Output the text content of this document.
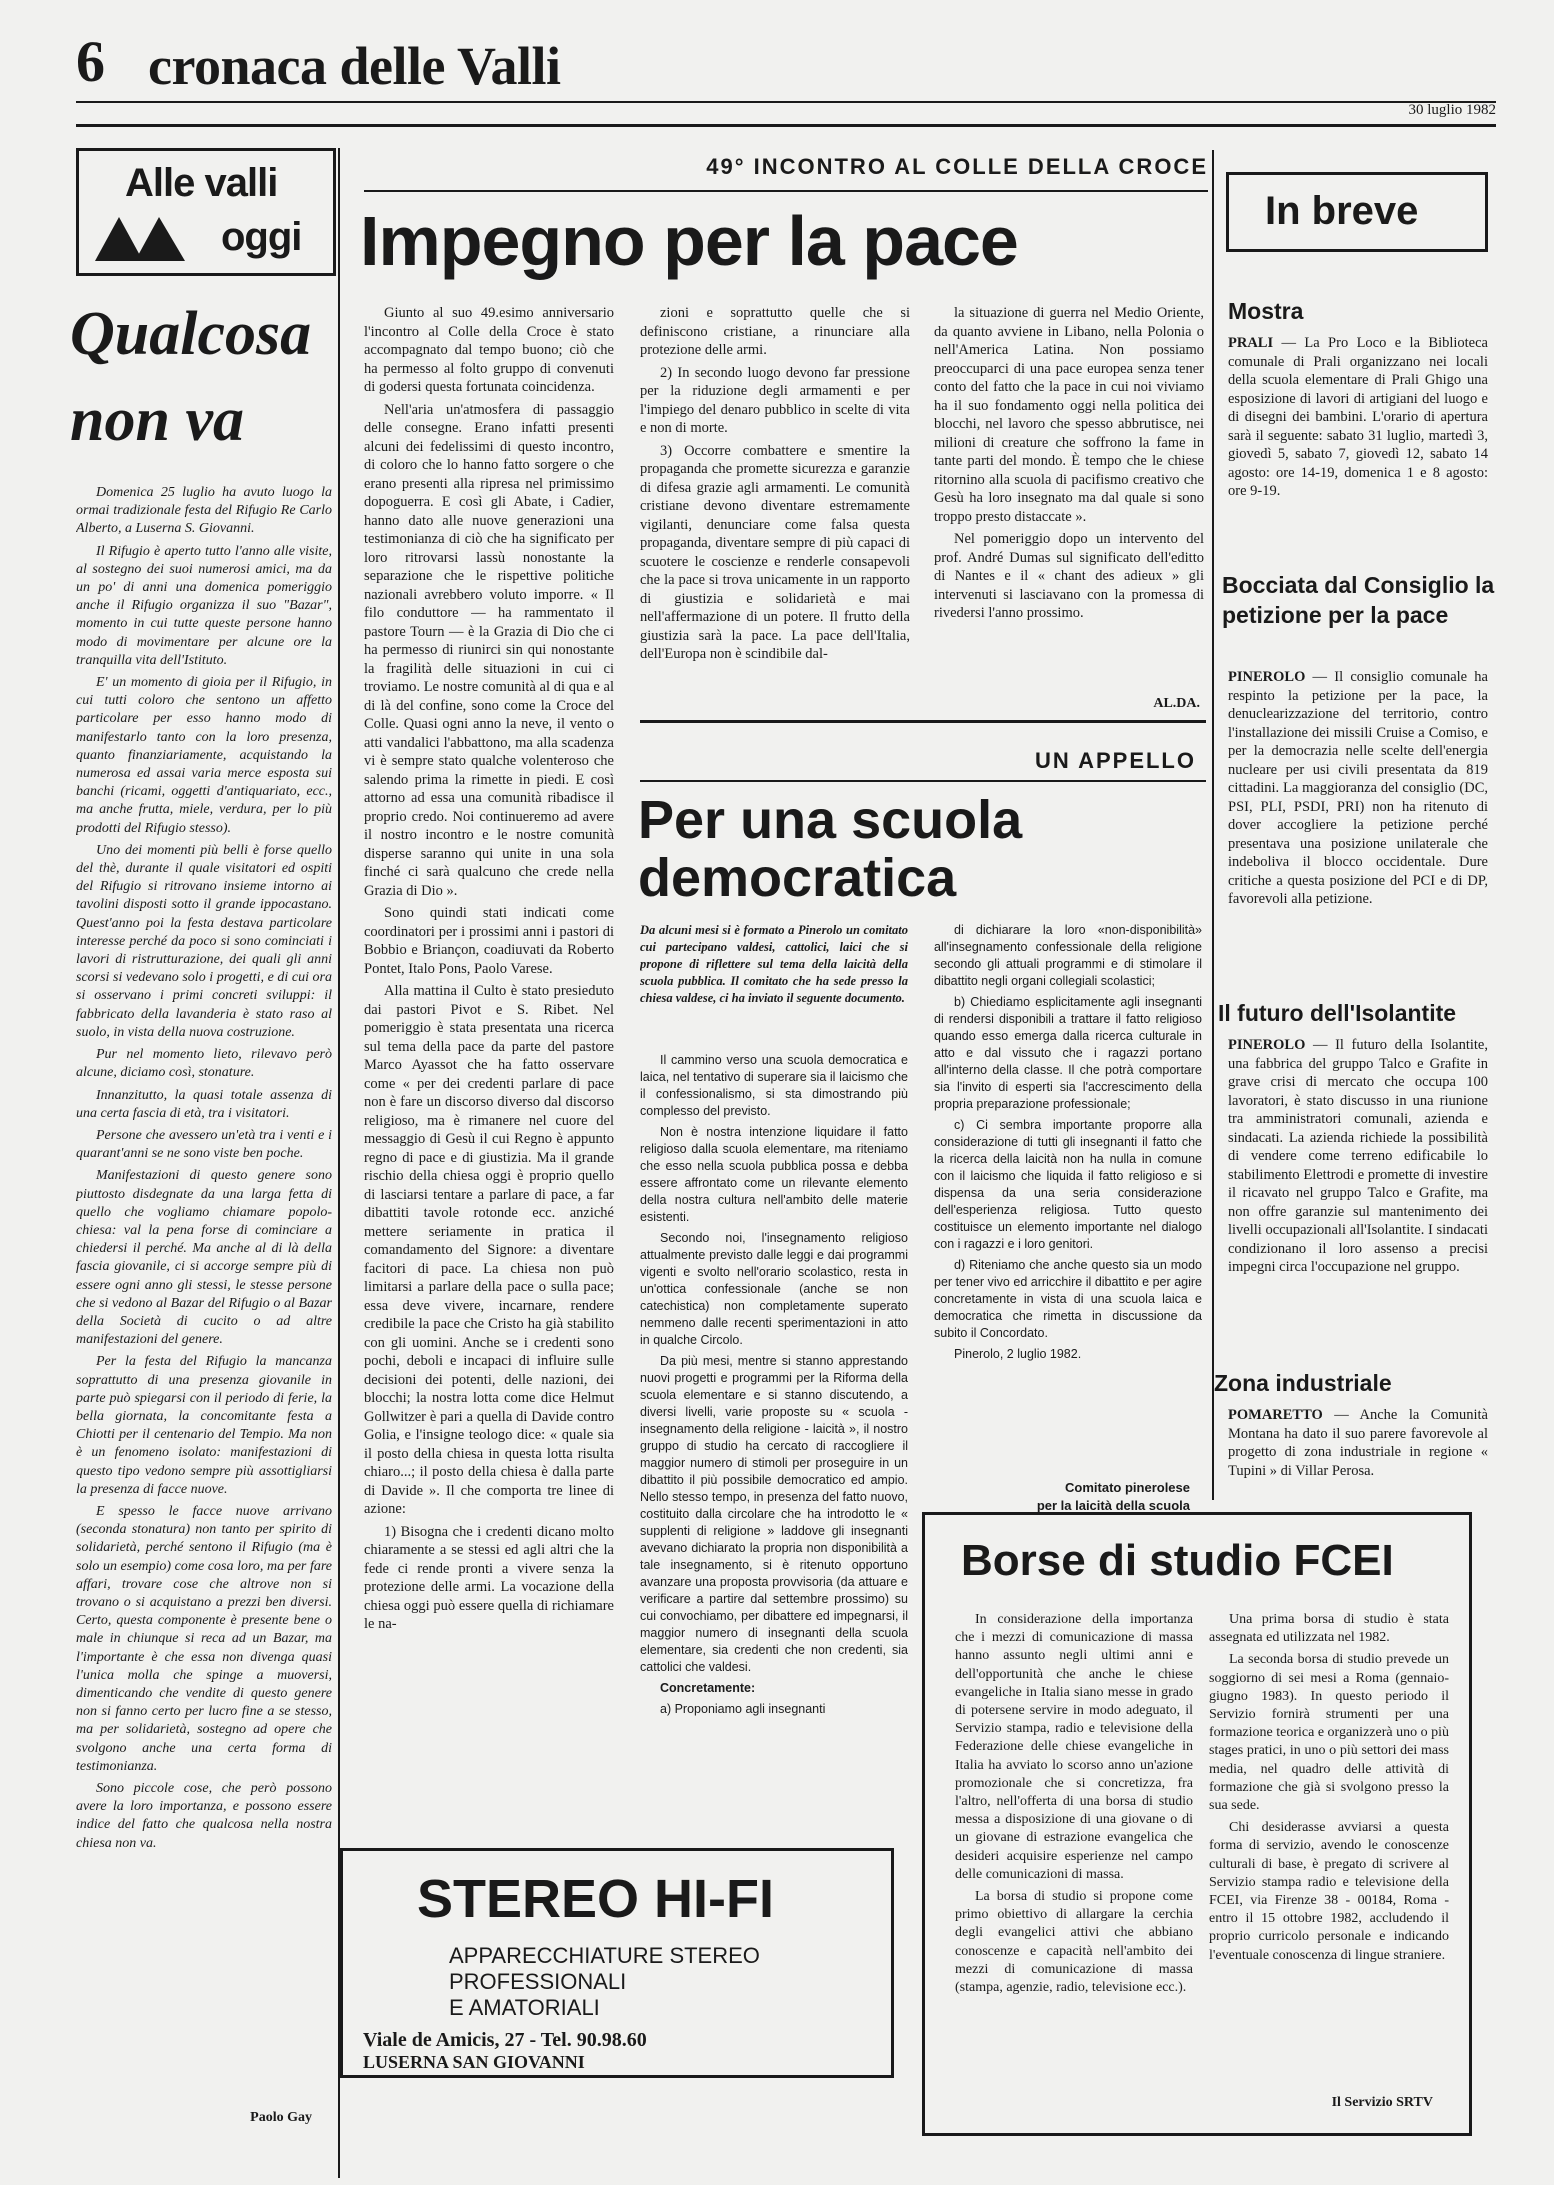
6 cronaca delle Valli
30 luglio 1982
Alle valli
oggi
Qualcosa
non va

Domenica 25 luglio ha avuto luogo la ormai tradizionale festa del Rifugio Re Carlo Alberto, a Luserna S. Giovanni.

Il Rifugio è aperto tutto l'anno alle visite, al sostegno dei suoi numerosi amici, ma da un po' di anni una domenica pomeriggio anche il Rifugio organizza il suo "Bazar", momento in cui tutte queste persone hanno modo di movimentare per alcune ore la tranquilla vita dell'Istituto.

E' un momento di gioia per il Rifugio, in cui tutti coloro che sentono un affetto particolare per esso hanno modo di manifestarlo tanto con la loro presenza, quanto finanziariamente, acquistando la numerosa ed assai varia merce esposta sui banchi (ricami, oggetti d'antiquariato, ecc., ma anche frutta, miele, verdura, per lo più prodotti del Rifugio stesso).

Uno dei momenti più belli è forse quello del thè, durante il quale visitatori ed ospiti del Rifugio si ritrovano insieme intorno ai tavolini disposti sotto il grande ippocastano. Quest'anno poi la festa destava particolare interesse perché da poco si sono cominciati i lavori di ristrutturazione, dei quali gli anni scorsi si vedevano solo i progetti, e di cui ora si osservano i primi concreti sviluppi: il fabbricato della lavanderia è stato raso al suolo, in vista della nuova costruzione.

Pur nel momento lieto, rilevavo però alcune, diciamo così, stonature.

Innanzitutto, la quasi totale assenza di una certa fascia di età, tra i visitatori.

Persone che avessero un'età tra i venti e i quarant'anni se ne sono viste ben poche.

Manifestazioni di questo genere sono piuttosto disdegnate da una larga fetta di quello che vogliamo chiamare popolo-chiesa: val la pena forse di cominciare a chiedersi il perché. Ma anche al di là della fascia giovanile, ci si accorge sempre più di essere ogni anno gli stessi, le stesse persone che si vedono al Bazar del Rifugio o al Bazar della Società di cucito o ad altre manifestazioni del genere.

Per la festa del Rifugio la mancanza soprattutto di una presenza giovanile in parte può spiegarsi con il periodo di ferie, la bella giornata, la concomitante festa a Chiotti per il centenario del Tempio. Ma non è un fenomeno isolato: manifestazioni di questo tipo vedono sempre più assottigliarsi la presenza di facce nuove.

E spesso le facce nuove arrivano (seconda stonatura) non tanto per spirito di solidarietà, perché sentono il Rifugio (ma è solo un esempio) come cosa loro, ma per fare affari, trovare cose che altrove non si trovano o si acquistano a prezzi ben diversi. Certo, questa componente è presente bene o male in chiunque si reca ad un Bazar, ma l'importante è che essa non divenga quasi l'unica molla che spinge a muoversi, dimenticando che vendite di questo genere non si fanno certo per lucro fine a se stesso, ma per solidarietà, sostegno ad opere che svolgono anche una certa forma di testimonianza.

Sono piccole cose, che però possono avere la loro importanza, e possono essere indice del fatto che qualcosa nella nostra chiesa non va.

Paolo Gay
49° INCONTRO AL COLLE DELLA CROCE
Impegno per la pace

Giunto al suo 49.esimo anniversario l'incontro al Colle della Croce è stato accompagnato dal tempo buono; ciò che ha permesso al folto gruppo di convenuti di godersi questa fortunata coincidenza.

Nell'aria un'atmosfera di passaggio delle consegne. Erano infatti presenti alcuni dei fedelissimi di questo incontro, di coloro che lo hanno fatto sorgere o che erano presenti alla ripresa nel primissimo dopoguerra. E così gli Abate, i Cadier, hanno dato alle nuove generazioni una testimonianza di ciò che ha significato per loro ritrovarsi lassù nonostante la separazione che le rispettive politiche nazionali avrebbero voluto imporre. « Il filo conduttore — ha rammentato il pastore Tourn — è la Grazia di Dio che ci ha permesso di riunirci sin qui nonostante la fragilità delle situazioni in cui ci troviamo. Le nostre comunità al di qua e al di là del confine, sono come la Croce del Colle. Quasi ogni anno la neve, il vento o atti vandalici l'abbattono, ma alla scadenza vi è sempre stato qualche volenteroso che salendo prima la rimette in piedi. E così attorno ad essa una comunità ribadisce il proprio credo. Noi continueremo ad avere il nostro incontro e le nostre comunità disperse saranno qui unite in una sola finché ci sarà qualcuno che crede nella Grazia di Dio ».

Sono quindi stati indicati come coordinatori per i prossimi anni i pastori di Bobbio e Briançon, coadiuvati da Roberto Pontet, Italo Pons, Paolo Varese.

Alla mattina il Culto è stato presieduto dai pastori Pivot e S. Ribet. Nel pomeriggio è stata presentata una ricerca sul tema della pace da parte del pastore Marco Ayassot che ha fatto osservare come « per dei credenti parlare di pace non è fare un discorso diverso dal discorso religioso, ma è rimanere nel cuore del messaggio di Gesù il cui Regno è appunto regno di pace e di giustizia. Ma il grande rischio della chiesa oggi è proprio quello di lasciarsi tentare a parlare di pace, a far dibattiti tavole rotonde ecc. anziché mettere seriamente in pratica il comandamento del Signore: a diventare facitori di pace. La chiesa non può limitarsi a parlare della pace o sulla pace; essa deve vivere, incarnare, rendere credibile la pace che Cristo ha già stabilito con gli uomini. Anche se i credenti sono pochi, deboli e incapaci di influire sulle decisioni dei potenti, delle nazioni, dei blocchi; la nostra lotta come dice Helmut Gollwitzer è pari a quella di Davide contro Golia, e l'insigne teologo dice: « quale sia il posto della chiesa in questa lotta risulta chiaro...; il posto della chiesa è dalla parte di Davide ». Il che comporta tre linee di azione:

1) Bisogna che i credenti dicano molto chiaramente a se stessi ed agli altri che la fede ci rende pronti a vivere senza la protezione delle armi. La vocazione della chiesa oggi può essere quella di richiamare le na-

zioni e soprattutto quelle che si definiscono cristiane, a rinunciare alla protezione delle armi.

2) In secondo luogo devono far pressione per la riduzione degli armamenti e per l'impiego del denaro pubblico in scelte di vita e non di morte.

3) Occorre combattere e smentire la propaganda che promette sicurezza e garanzie di difesa grazie agli armamenti. Le comunità cristiane devono diventare estremamente vigilanti, denunciare come falsa questa propaganda, diventare sempre di più capaci di scuotere le coscienze e renderle consapevoli che la pace si trova unicamente in un rapporto di giustizia e solidarietà e mai nell'affermazione di un potere. Il frutto della giustizia sarà la pace. La pace dell'Italia, dell'Europa non è scindibile dal-

la situazione di guerra nel Medio Oriente, da quanto avviene in Libano, nella Polonia o nell'America Latina. Non possiamo preoccuparci di una pace europea senza tener conto del fatto che la pace in cui noi viviamo ha il suo fondamento oggi nella politica dei blocchi, nel lavoro che spesso abbrutisce, nei milioni di creature che soffrono la fame in tante parti del mondo. È tempo che le chiese ritornino alla scuola di pacifismo creativo che Gesù ha loro insegnato ma dal quale si sono troppo presto distaccate ».

Nel pomeriggio dopo un intervento del prof. André Dumas sul significato dell'editto di Nantes e il « chant des adieux » gli intervenuti si lasciavano con la promessa di rivedersi l'anno prossimo.

AL.DA.
UN APPELLO
Per una scuola
democratica
Da alcuni mesi si è formato a Pinerolo un comitato cui partecipano valdesi, cattolici, laici che si propone di riflettere sul tema della laicità della scuola pubblica. Il comitato che ha sede presso la chiesa valdese, ci ha inviato il seguente documento.

Il cammino verso una scuola democratica e laica, nel tentativo di superare sia il laicismo che il confessionalismo, si sta dimostrando più complesso del previsto.

Non è nostra intenzione liquidare il fatto religioso dalla scuola elementare, ma riteniamo che esso nella scuola pubblica possa e debba essere affrontato come un rilevante elemento della nostra cultura nell'ambito delle materie esistenti.

Secondo noi, l'insegnamento religioso attualmente previsto dalle leggi e dai programmi vigenti e svolto nell'orario scolastico, resta in un'ottica confessionale (anche se non catechistica) non completamente superato nemmeno dalle recenti sperimentazioni in atto in qualche Circolo.

Da più mesi, mentre si stanno apprestando nuovi progetti e programmi per la Riforma della scuola elementare e si stanno discutendo, a diversi livelli, varie proposte su « scuola - insegnamento della religione - laicità », il nostro gruppo di studio ha cercato di raccogliere il maggior numero di stimoli per proseguire in un dibattito il più possibile democratico ed ampio. Nello stesso tempo, in presenza del fatto nuovo, costituito dalla circolare che ha introdotto le « supplenti di religione » laddove gli insegnanti avevano dichiarato la propria non disponibilità a tale insegnamento, si è ritenuto opportuno avanzare una proposta provvisoria (da attuare e verificare a partire dal settembre prossimo) su cui convochiamo, per dibattere ed impegnarsi, il maggior numero di insegnanti della scuola elementare, sia credenti che non credenti, sia cattolici che valdesi.

Concretamente:

a) Proponiamo agli insegnanti

di dichiarare la loro «non-disponibilità» all'insegnamento confessionale della religione secondo gli attuali programmi e di stimolare il dibattito negli organi collegiali scolastici;

b) Chiediamo esplicitamente agli insegnanti di rendersi disponibili a trattare il fatto religioso quando esso emerga dalla ricerca culturale in atto e dal vissuto che i ragazzi portano all'interno della classe. Il che potrà comportare sia l'invito di esperti sia l'accrescimento della propria preparazione professionale;

c) Ci sembra importante proporre alla considerazione di tutti gli insegnanti il fatto che la ricerca della laicità non ha nulla in comune con il laicismo che liquida il fatto religioso e si dispensa da una seria considerazione dell'esperienza religiosa. Tutto questo costituisce un elemento importante nel dialogo con i ragazzi e i loro genitori.

d) Riteniamo che anche questo sia un modo per tener vivo ed arricchire il dibattito e per agire concretamente in vista di una scuola laica e democratica che rimetta in discussione da subito il Concordato.

Pinerolo, 2 luglio 1982.

Comitato pinerolese
per la laicità della scuola
STEREO HI-FI
APPARECCHIATURE STEREO
PROFESSIONALI
E AMATORIALI
Viale de Amicis, 27 - Tel. 90.98.60
LUSERNA SAN GIOVANNI
Borse di studio FCEI

In considerazione della importanza che i mezzi di comunicazione di massa hanno assunto negli ultimi anni e dell'opportunità che anche le chiese evangeliche in Italia siano messe in grado di potersene servire in modo adeguato, il Servizio stampa, radio e televisione della Federazione delle chiese evangeliche in Italia ha avviato lo scorso anno un'azione promozionale che si concretizza, fra l'altro, nell'offerta di una borsa di studio messa a disposizione di una giovane o di un giovane di estrazione evangelica che desideri acquisire esperienze nel campo delle comunicazioni di massa.

La borsa di studio si propone come primo obiettivo di allargare la cerchia degli evangelici attivi che abbiano conoscenze e capacità nell'ambito dei mezzi di comunicazione di massa (stampa, agenzie, radio, televisione ecc.).

Una prima borsa di studio è stata assegnata ed utilizzata nel 1982.

La seconda borsa di studio prevede un soggiorno di sei mesi a Roma (gennaio-giugno 1983). In questo periodo il Servizio fornirà strumenti per una formazione teorica e organizzerà uno o più stages pratici, in uno o più settori dei mass media, nel quadro delle attività di formazione che già si svolgono presso la sua sede.

Chi desiderasse avviarsi a questa forma di servizio, avendo le conoscenze culturali di base, è pregato di scrivere al Servizio stampa radio e televisione della FCEI, via Firenze 38 - 00184, Roma - entro il 15 ottobre 1982, accludendo il proprio curricolo personale e indicando l'eventuale conoscenza di lingue straniere.

Il Servizio SRTV
In breve
Mostra

PRALI — La Pro Loco e la Biblioteca comunale di Prali organizzano nei locali della scuola elementare di Prali Ghigo una esposizione di lavori di artigiani del luogo e di disegni dei bambini. L'orario di apertura sarà il seguente: sabato 31 luglio, martedì 3, giovedì 5, sabato 7, giovedì 12, sabato 14 agosto: ore 14-19, domenica 1 e 8 agosto: ore 9-19.

Bocciata dal Consiglio la petizione per la pace

PINEROLO — Il consiglio comunale ha respinto la petizione per la pace, la denuclearizzazione del territorio, contro l'installazione dei missili Cruise a Comiso, e per la democrazia nelle scelte dell'energia nucleare per usi civili presentata da 819 cittadini. La maggioranza del consiglio (DC, PSI, PLI, PSDI, PRI) non ha ritenuto di dover accogliere la petizione perché presentava una posizione unilaterale che indeboliva il blocco occidentale. Dure critiche a questa posizione del PCI e di DP, favorevoli alla petizione.

Il futuro dell'Isolantite

PINEROLO — Il futuro della Isolantite, una fabbrica del gruppo Talco e Grafite in grave crisi di mercato che occupa 100 lavoratori, è stato discusso in una riunione tra amministratori comunali, azienda e sindacati. La azienda richiede la possibilità di vendere come terreno edificabile lo stabilimento Elettrodi e promette di investire il ricavato nel gruppo Talco e Grafite, ma non offre garanzie sul mantenimento dei livelli occupazionali all'Isolantite. I sindacati condizionano il loro assenso a precisi impegni circa l'occupazione nel gruppo.

Zona industriale

POMARETTO — Anche la Comunità Montana ha dato il suo parere favorevole al progetto di zona industriale in regione « Tupini » di Villar Perosa.
